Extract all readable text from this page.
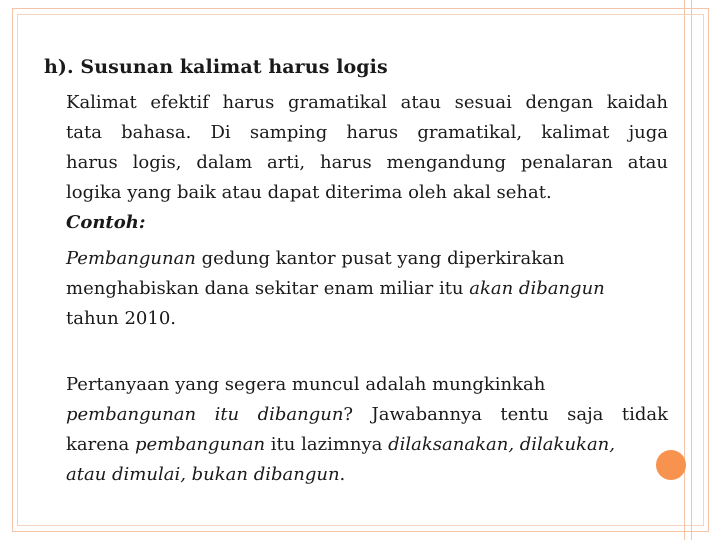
h). Susunan kalimat harus logis
Kalimat efektif harus gramatikal atau sesuai dengan kaidah
tata bahasa. Di samping harus gramatikal, kalimat juga
harus logis, dalam arti, harus mengandung penalaran atau
logika yang baik atau dapat diterima oleh akal sehat.
Contoh:
Pembangunan gedung kantor pusat yang diperkirakan
menghabiskan dana sekitar enam miliar itu akan dibangun
tahun 2010.
Pertanyaan yang segera muncul adalah mungkinkah
pembangunan itu dibangun? Jawabannya tentu saja tidak
karena pembangunan itu lazimnya dilaksanakan, dilakukan,
atau dimulai, bukan dibangun.
